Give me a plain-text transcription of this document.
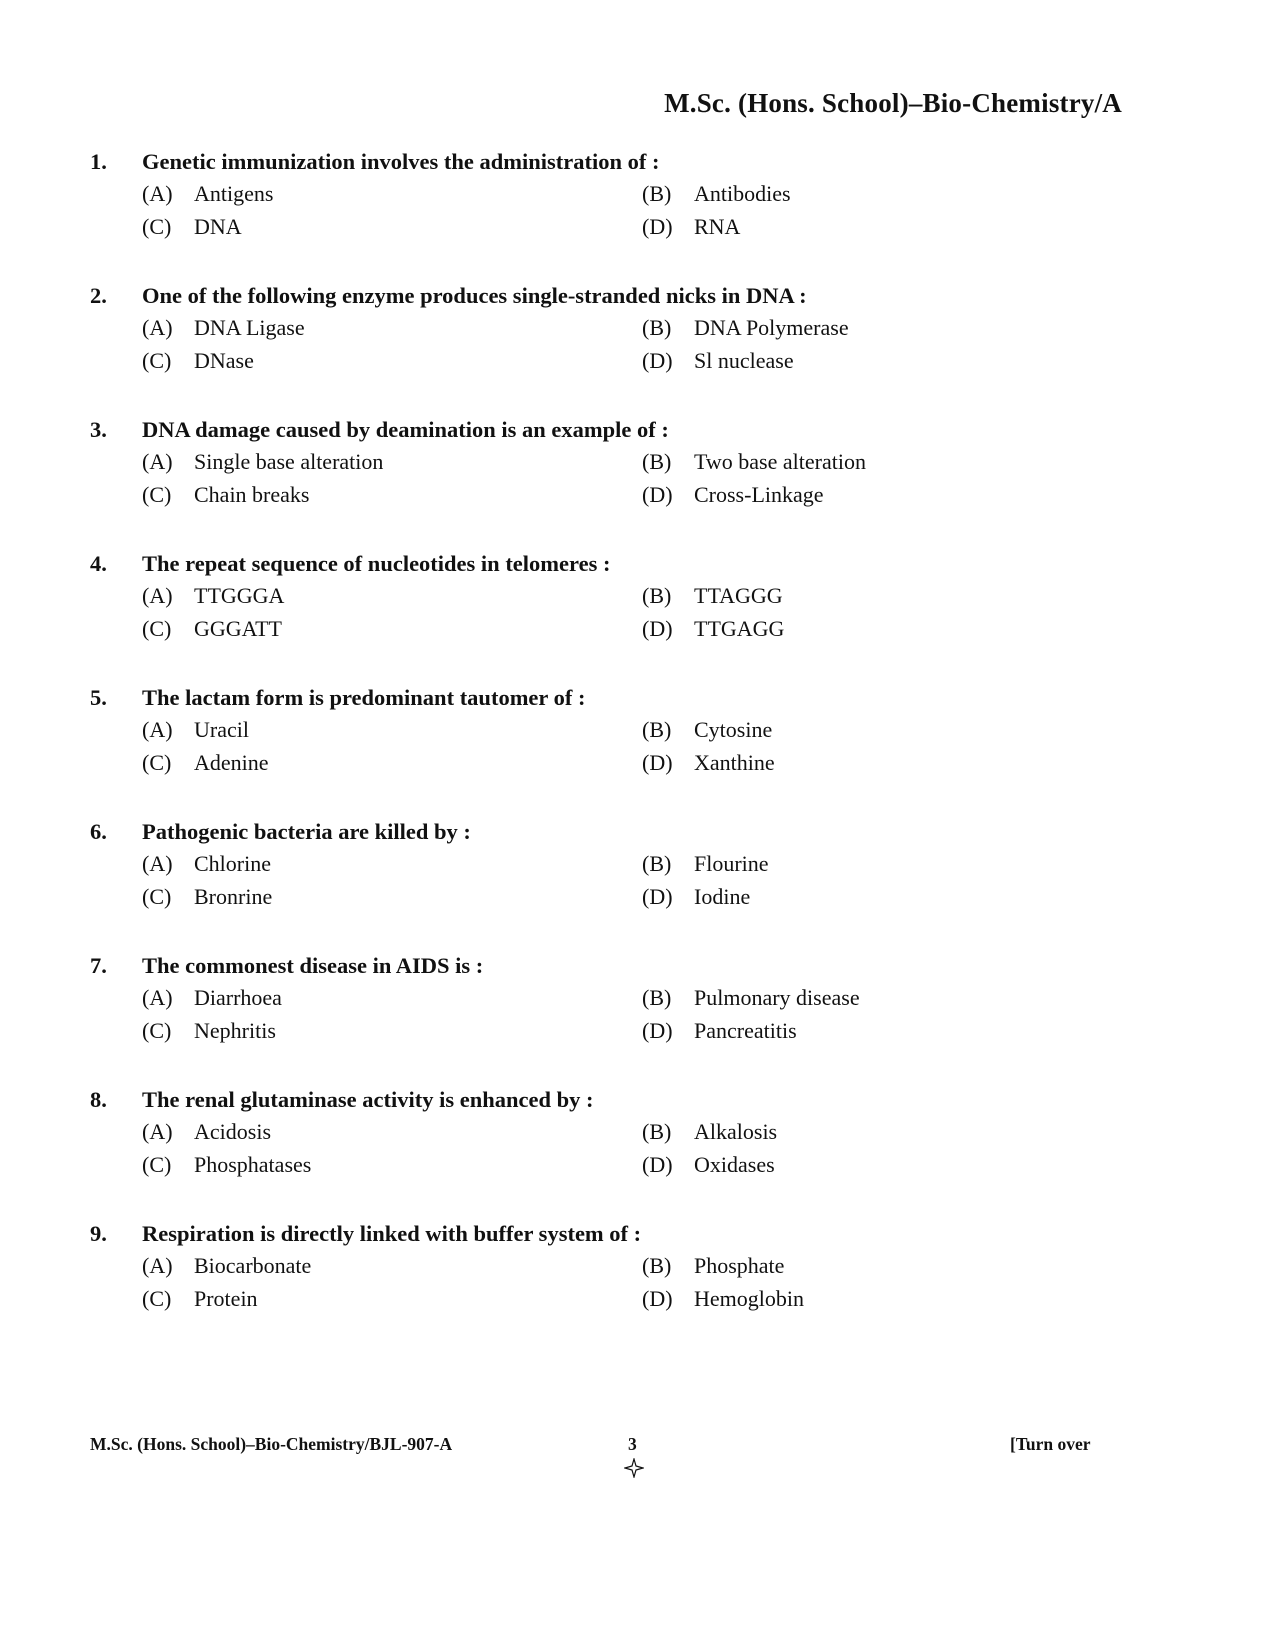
M.Sc. (Hons. School)–Bio-Chemistry/A
1.	Genetic immunization involves the administration of :
(A) Antigens	(B)	Antibodies
(C)	DNA	(D) RNA
2.	One of the following enzyme produces single-stranded nicks in DNA :
(A) DNA Ligase	(B)	DNA Polymerase
(C)	DNase	(D) Sl nuclease
3.	DNA damage caused by deamination is an example of :
(A) Single base alteration	(B)	Two base alteration
(C)	Chain breaks	(D) Cross-Linkage
4.	The repeat sequence of nucleotides in telomeres :
(A) TTGGGA	(B)	TTAGGG
(C)	GGGATT	(D) TTGAGG
5.	The lactam form is predominant tautomer of :
(A) Uracil	(B)	Cytosine
(C)	Adenine	(D) Xanthine
6.	Pathogenic bacteria are killed by :
(A) Chlorine	(B)	Flourine
(C)	Bronrine	(D) Iodine
7.	The commonest disease in AIDS is :
(A) Diarrhoea	(B)	Pulmonary disease
(C)	Nephritis	(D) Pancreatitis
8.	The renal glutaminase activity is enhanced by :
(A) Acidosis	(B)	Alkalosis
(C)	Phosphatases	(D) Oxidases
9.	Respiration is directly linked with buffer system of :
(A) Biocarbonate	(B)	Phosphate
(C)	Protein	(D) Hemoglobin
M.Sc. (Hons. School)–Bio-Chemistry/BJL-907-A	3	[Turn over
